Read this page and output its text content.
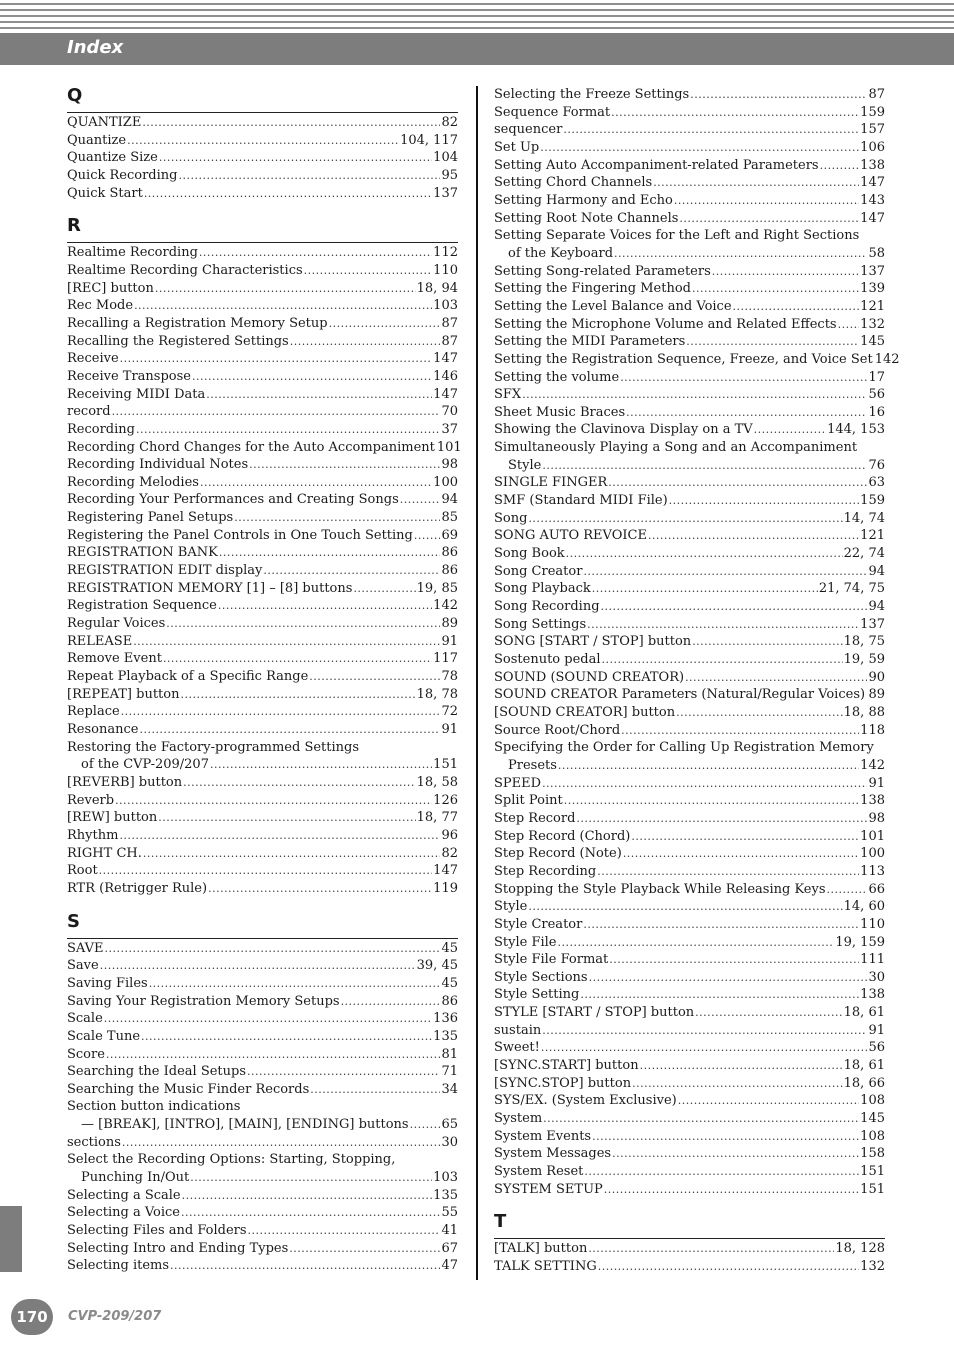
Index
Q
QUANTIZE .....	82
Quantize .....	104, 117
Quantize Size .....	104
Quick Recording .....	95
Quick Start .....	137
R
Realtime Recording .....	112
Realtime Recording Characteristics .....	110
[REC] button .....	18, 94
Rec Mode .....	103
Recalling a Registration Memory Setup .....	87
Recalling the Registered Settings .....	87
Receive .....	147
Receive Transpose .....	146
Receiving MIDI Data .....	147
record .....	70
Recording .....	37
Recording Chord Changes for the Auto Accompaniment 101
Recording Individual Notes .....	98
Recording Melodies .....	100
Recording Your Performances and Creating Songs .....	94
Registering Panel Setups .....	85
Registering the Panel Controls in One Touch Setting ..... 69
REGISTRATION BANK .....	86
REGISTRATION EDIT display .....	86
REGISTRATION MEMORY [1] – [8] buttons .....	19, 85
Registration Sequence .....	142
Regular Voices .....	89
RELEASE .....	91
Remove Event .....	117
Repeat Playback of a Specific Range .....	78
[REPEAT] button .....	18, 78
Replace .....	72
Resonance .....	91
Restoring the Factory-programmed Settings
of the CVP-209/207 .....	151
[REVERB] button .....	18, 58
Reverb .....	126
[REW] button .....	18, 77
Rhythm .....	96
RIGHT CH. .....	82
Root .....	147
RTR (Retrigger Rule) .....	119
S
SAVE .....	45
Save .....	39, 45
Saving Files .....	45
Saving Your Registration Memory Setups .....	86
Scale .....	136
Scale Tune .....	135
Score .....	81
Searching the Ideal Setups .....	71
Searching the Music Finder Records .....	34
Section button indications
— [BREAK], [INTRO], [MAIN], [ENDING] buttons .....	65
sections .....	30
Select the Recording Options: Starting, Stopping,
Punching In/Out .....	103
Selecting a Scale .....	135
Selecting a Voice .....	55
Selecting Files and Folders .....	41
Selecting Intro and Ending Types .....	67
Selecting items .....	47
Selecting the Freeze Settings .....	87
Sequence Format .....	159
sequencer .....	157
Set Up .....	106
Setting Auto Accompaniment-related Parameters .....	138
Setting Chord Channels .....	147
Setting Harmony and Echo .....	143
Setting Root Note Channels .....	147
Setting Separate Voices for the Left and Right Sections
of the Keyboard .....	58
Setting Song-related Parameters .....	137
Setting the Fingering Method .....	139
Setting the Level Balance and Voice .....	121
Setting the Microphone Volume and Related Effects ..... 132
Setting the MIDI Parameters .....	145
Setting the Registration Sequence, Freeze, and Voice Set 142
Setting the volume .....	17
SFX .....	56
Sheet Music Braces .....	16
Showing the Clavinova Display on a TV .....	144, 153
Simultaneously Playing a Song and an Accompaniment
Style .....	76
SINGLE FINGER .....	63
SMF (Standard MIDI File) .....	159
Song .....	14, 74
SONG AUTO REVOICE .....	121
Song Book .....	22, 74
Song Creator .....	94
Song Playback .....	21, 74, 75
Song Recording .....	94
Song Settings .....	137
SONG [START / STOP] button .....	18, 75
Sostenuto pedal .....	19, 59
SOUND (SOUND CREATOR) .....	90
SOUND CREATOR Parameters (Natural/Regular Voices) ..... 89
[SOUND CREATOR] button .....	18, 88
Source Root/Chord .....	118
Specifying the Order for Calling Up Registration Memory
Presets .....	142
SPEED .....	91
Split Point .....	138
Step Record .....	98
Step Record (Chord) .....	101
Step Record (Note) .....	100
Step Recording .....	113
Stopping the Style Playback While Releasing Keys .....	66
Style .....	14, 60
Style Creator .....	110
Style File .....	19, 159
Style File Format .....	111
Style Sections .....	30
Style Setting .....	138
STYLE [START / STOP] button .....	18, 61
sustain .....	91
Sweet! .....	56
[SYNC.START] button .....	18, 61
[SYNC.STOP] button .....	18, 66
SYS/EX. (System Exclusive) .....	108
System .....	145
System Events .....	108
System Messages .....	158
System Reset .....	151
SYSTEM SETUP .....	151
T
[TALK] button .....	18, 128
TALK SETTING .....	132
170	CVP-209/207
